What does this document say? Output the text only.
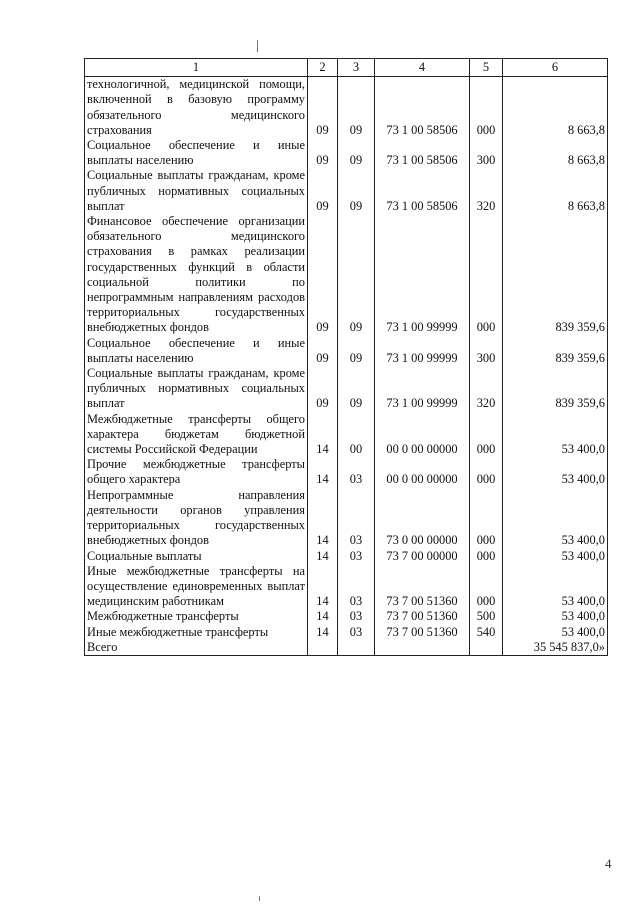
1	2	3	4	5	6

технологичной, медицинской помощи, включенной в базовую программу обязательного медицинского страхования	09	09	73 1 00 58506	000	8 663,8

Социальное обеспечение и иные выплаты населению	09	09	73 1 00 58506	300	8 663,8

Социальные выплаты гражданам, кроме публичных нормативных социальных выплат	09	09	73 1 00 58506	320	8 663,8

Финансовое обеспечение организации обязательного медицинского страхования в рамках реализации государственных функций в области социальной политики по непрограммным направлениям расходов территориальных государственных внебюджетных фондов	09	09	73 1 00 99999	000	839 359,6

Социальное обеспечение и иные выплаты населению	09	09	73 1 00 99999	300	839 359,6

Социальные выплаты гражданам, кроме публичных нормативных социальных выплат	09	09	73 1 00 99999	320	839 359,6

Межбюджетные трансферты общего характера бюджетам бюджетной системы Российской Федерации	14	00	00 0 00 00000	000	53 400,0

Прочие межбюджетные трансферты общего характера	14	03	00 0 00 00000	000	53 400,0

Непрограммные направления деятельности органов управления территориальных государственных внебюджетных фондов	14	03	73 0 00 00000	000	53 400,0

Социальные выплаты	14	03	73 7 00 00000	000	53 400,0

Иные межбюджетные трансферты на осуществление единовременных выплат медицинским работникам	14	03	73 7 00 51360	000	53 400,0

Межбюджетные трансферты	14	03	73 7 00 51360	500	53 400,0

Иные межбюджетные трансферты	14	03	73 7 00 51360	540	53 400,0

Всего					35 545 837,0»
4
